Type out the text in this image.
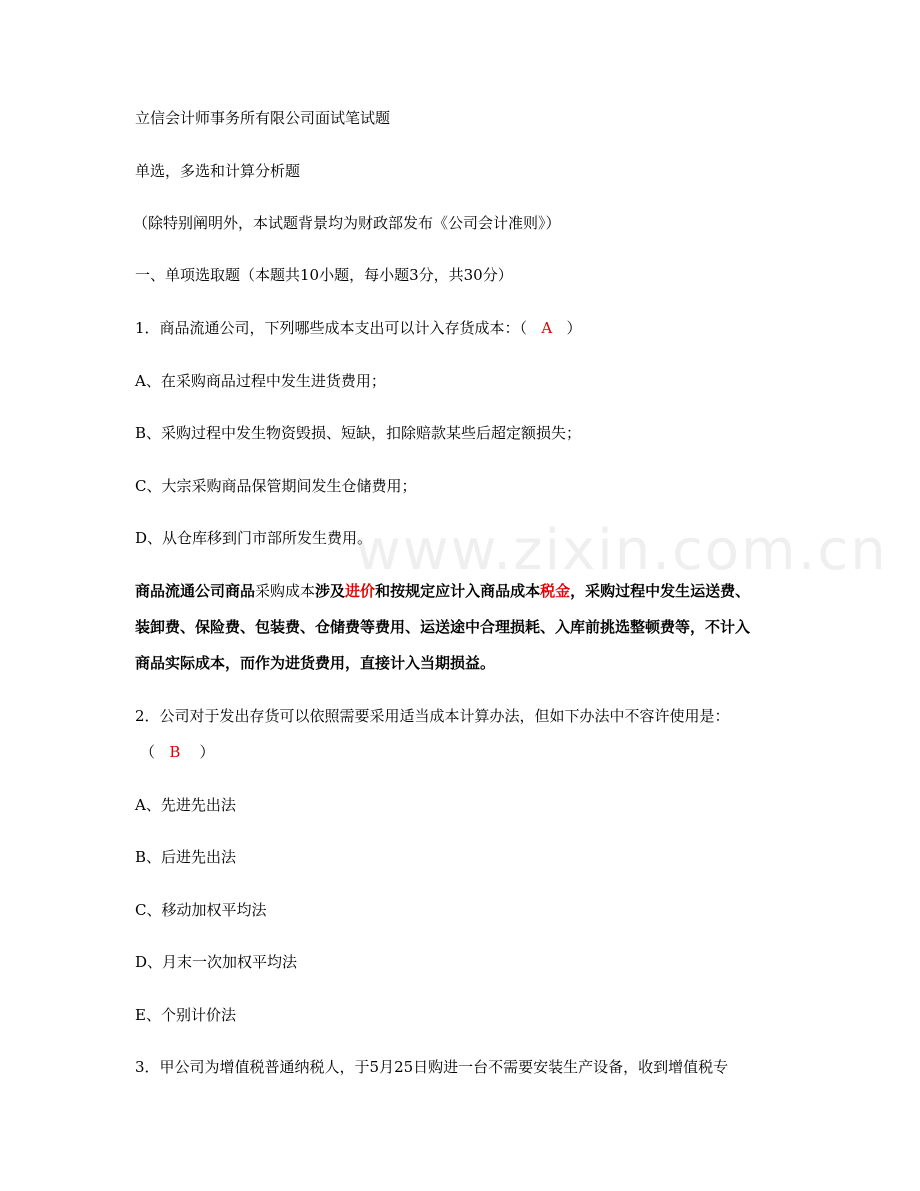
www.zixin.com.cn
立信会计师事务所有限公司面试笔试题
单选，多选和计算分析题
（除特别阐明外，本试题背景均为财政部发布《公司会计准则》）
一、单项选取题（本题共10小题，每小题3分，共30分）
1．商品流通公司，下列哪些成本支出可以计入存货成本：（ A ）
A、在采购商品过程中发生进货费用；
B、采购过程中发生物资毁损、短缺，扣除赔款某些后超定额损失；
C、大宗采购商品保管期间发生仓储费用；
D、从仓库移到门市部所发生费用。
商品流通公司商品采购成本涉及进价和按规定应计入商品成本税金，采购过程中发生运送费、
装卸费、保险费、包装费、仓储费等费用、运送途中合理损耗、入库前挑选整顿费等，不计入
商品实际成本，而作为进货费用，直接计入当期损益。
2．公司对于发出存货可以依照需要采用适当成本计算办法，但如下办法中不容许使用是：
（ B ）
A、先进先出法
B、后进先出法
C、移动加权平均法
D、月末一次加权平均法
E、个别计价法
3．甲公司为增值税普通纳税人，于5月25日购进一台不需要安装生产设备，收到增值税专
